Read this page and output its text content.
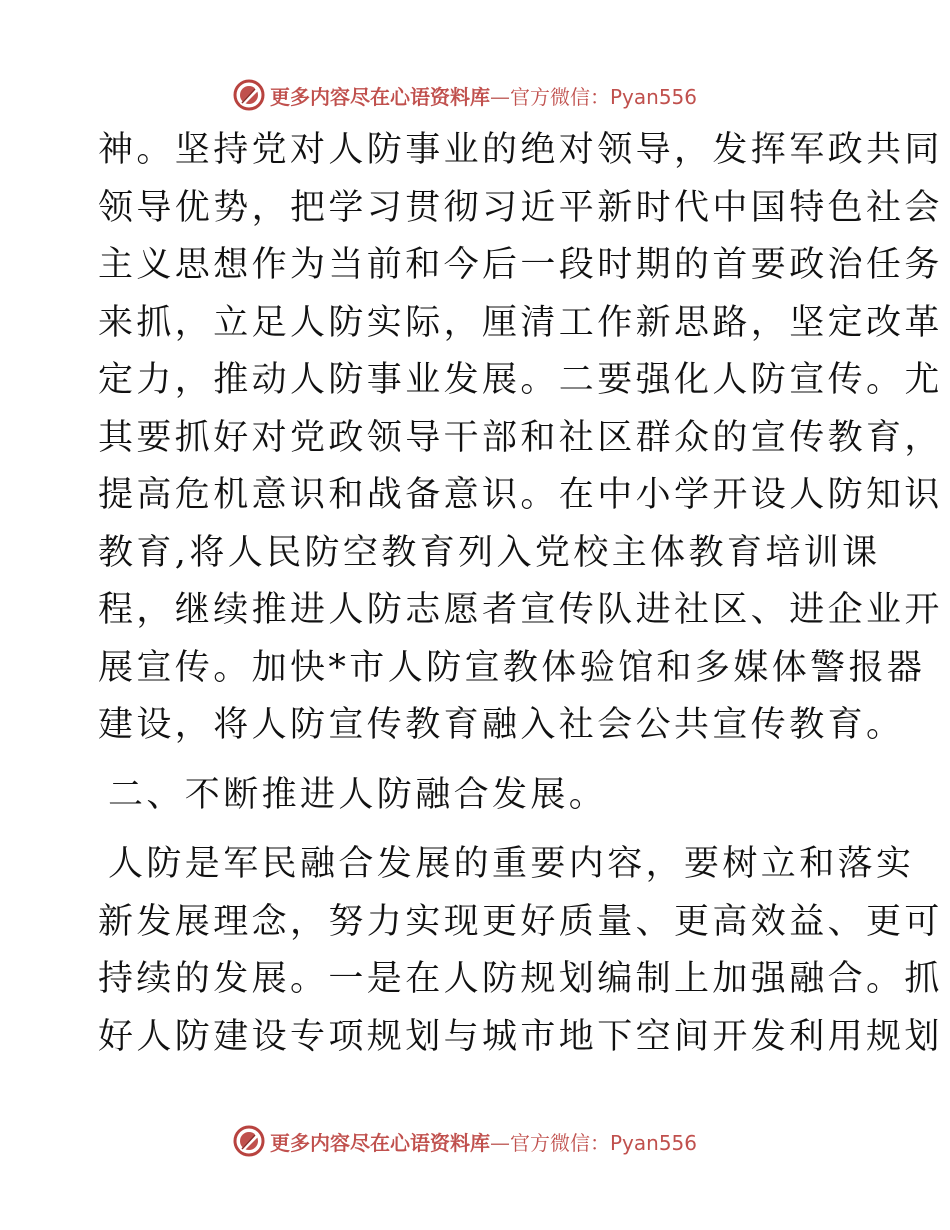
更多内容尽在心语资料库—官方微信：Pyan556
神。坚持党对人防事业的绝对领导，发挥军政共同
领导优势，把学习贯彻习近平新时代中国特色社会
主义思想作为当前和今后一段时期的首要政治任务
来抓，立足人防实际，厘清工作新思路，坚定改革
定力，推动人防事业发展。二要强化人防宣传。尤
其要抓好对党政领导干部和社区群众的宣传教育，
提高危机意识和战备意识。在中小学开设人防知识
教育,将人民防空教育列入党校主体教育培训课
程，继续推进人防志愿者宣传队进社区、进企业开
展宣传。加快*市人防宣教体验馆和多媒体警报器
建设，将人防宣传教育融入社会公共宣传教育。
二、不断推进人防融合发展。
人防是军民融合发展的重要内容，要树立和落实
新发展理念，努力实现更好质量、更高效益、更可
持续的发展。一是在人防规划编制上加强融合。抓
好人防建设专项规划与城市地下空间开发利用规划
更多内容尽在心语资料库—官方微信：Pyan556
